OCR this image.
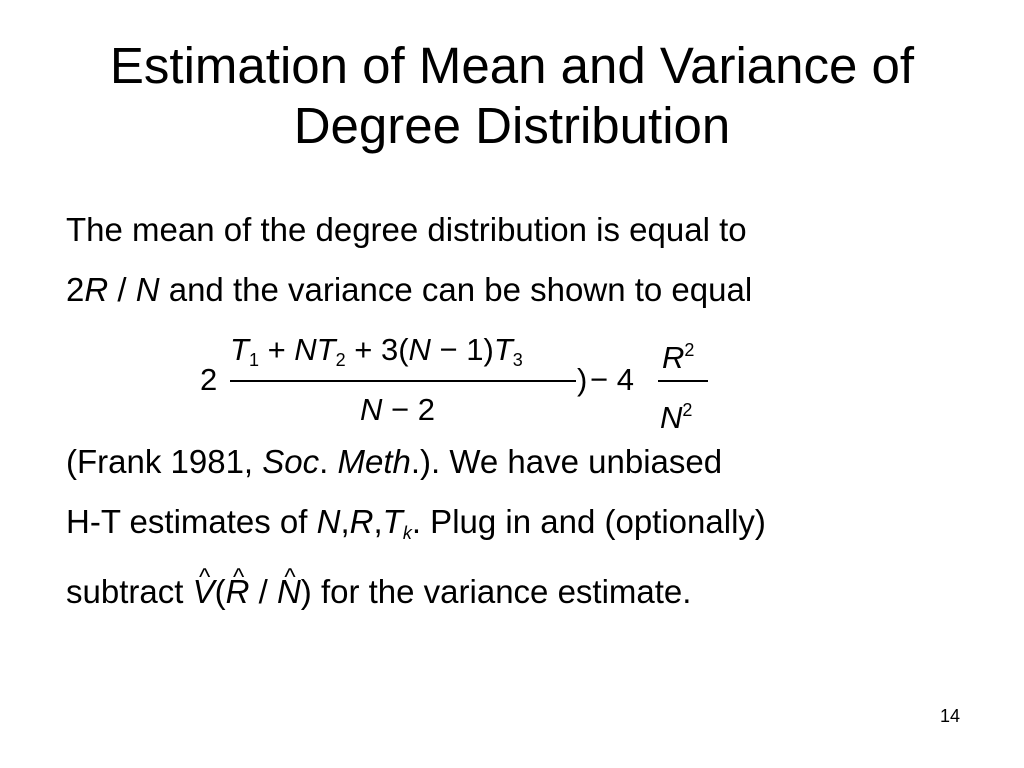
Estimation of Mean and Variance of
Degree Distribution
The mean of the degree distribution is equal to
2R / N and the variance can be shown to equal
2
$T_1 + NT_2 + 3(N - 1)T_3$
N − 2
) − 4
$R^2$
$N^2$
(Frank 1981, Soc. Meth.). We have unbiased
H-T estimates of $N,R,T_k$. Plug in and (optionally)
subtract ^ V(^ R / ^ N) for the variance estimate.
14
